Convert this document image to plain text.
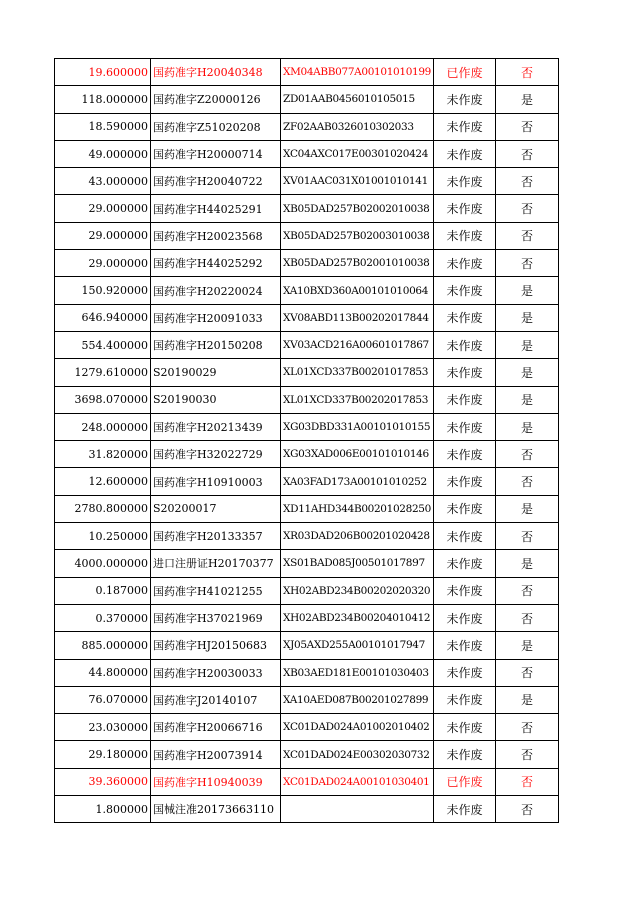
19.600000	国药准字H20040348	XM04ABB077A00101010199	已作废	否
118.000000	国药准字Z20000126	ZD01AAB0456010105015	未作废	是
18.590000	国药准字Z51020208	ZF02AAB0326010302033	未作废	否
49.000000	国药准字H20000714	XC04AXC017E00301020424	未作废	否
43.000000	国药准字H20040722	XV01AAC031X01001010141	未作废	否
29.000000	国药准字H44025291	XB05DAD257B02002010038	未作废	否
29.000000	国药准字H20023568	XB05DAD257B02003010038	未作废	否
29.000000	国药准字H44025292	XB05DAD257B02001010038	未作废	否
150.920000	国药准字H20220024	XA10BXD360A00101010064	未作废	是
646.940000	国药准字H20091033	XV08ABD113B00202017844	未作废	是
554.400000	国药准字H20150208	XV03ACD216A00601017867	未作废	是
1279.610000	S20190029	XL01XCD337B00201017853	未作废	是
3698.070000	S20190030	XL01XCD337B00202017853	未作废	是
248.000000	国药准字H20213439	XG03DBD331A00101010155	未作废	是
31.820000	国药准字H32022729	XG03XAD006E00101010146	未作废	否
12.600000	国药准字H10910003	XA03FAD173A00101010252	未作废	否
2780.800000	S20200017	XD11AHD344B00201028250	未作废	是
10.250000	国药准字H20133357	XR03DAD206B00201020428	未作废	否
4000.000000	进口注册证H20170377	XS01BAD085J00501017897	未作废	是
0.187000	国药准字H41021255	XH02ABD234B00202020320	未作废	否
0.370000	国药准字H37021969	XH02ABD234B00204010412	未作废	否
885.000000	国药准字HJ20150683	XJ05AXD255A00101017947	未作废	是
44.800000	国药准字H20030033	XB03AED181E00101030403	未作废	否
76.070000	国药准字J20140107	XA10AED087B00201027899	未作废	是
23.030000	国药准字H20066716	XC01DAD024A01002010402	未作废	否
29.180000	国药准字H20073914	XC01DAD024E00302030732	未作废	否
39.360000	国药准字H10940039	XC01DAD024A00101030401	已作废	否
1.800000	国械注准20173663110		未作废	否
